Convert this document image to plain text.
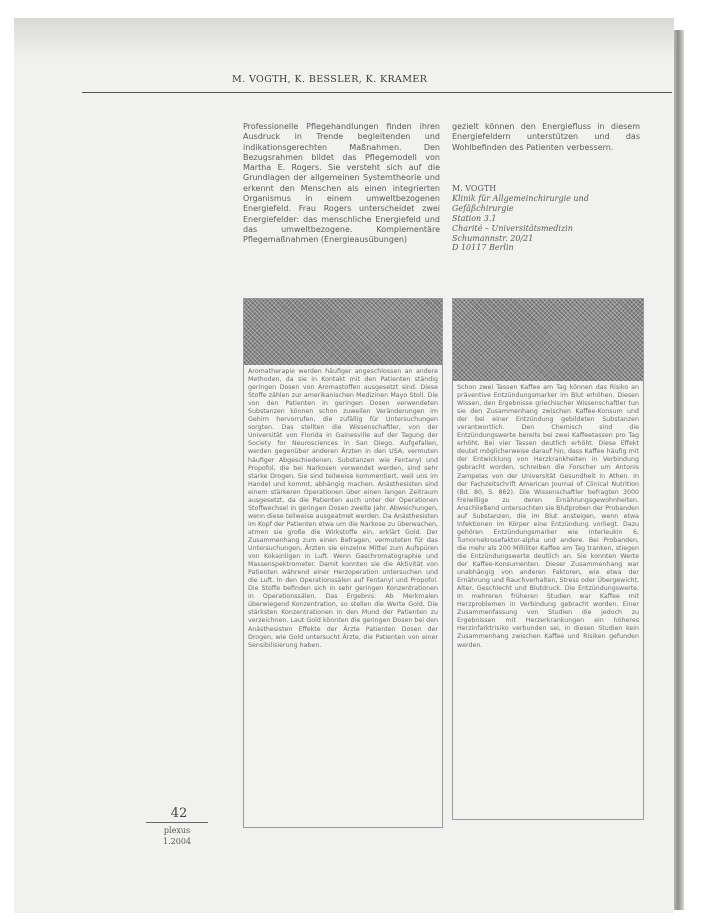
M. VOGTH, K. BESSLER, K. KRAMER

Professionelle Pflegehandlungen finden ihren Ausdruck in Trende begleitenden und indikationsgerechten Maßnahmen. Den Bezugsrahmen bildet das Pflegemodell von Martha E. Rogers. Sie versteht sich auf die Grundlagen der allgemeinen Systemtheorie und erkennt den Menschen als einen integrierten Organismus in einem umweltbezogenen Energiefeld. Frau Rogers unterscheidet zwei Energiefelder: das menschliche Energiefeld und das umweltbezogene. Komplementäre Pflegemaßnahmen (Energieausübungen)

gezielt können den Energiefluss in diesem Energiefeldern unterstützen und das Wohlbefinden des Patienten verbessern.

M. VOGTH
Klinik für Allgemeinchirurgie und
Gefäßchirurgie
Station 3.1
Charité – Universitätsmedizin
Schumannstr. 20/21
D 10117 Berlin

Aromatherapie werden häufiger angeschlossen an andere Methoden, da sie in Kontakt mit den Patienten ständig geringen Dosen von Aromastoffen ausgesetzt sind. Diese Stoffe zählen zur amerikanischen Medizinen Mayo Stoll. Die von den Patienten in geringen Dosen verwendeten Substanzen können schon zuweilen Veränderungen im Gehirn hervorrufen, die zufällig für Untersuchungen sorgten. Das stellten die Wissenschaftler, von der Universität von Florida in Gainesville auf der Tagung der Society for Neurosciences in San Diego. Aufgefallen, werden gegenüber anderen Ärzten in den USA, vermuten häufiger Abgeschiedenen, Substanzen wie Fentanyl und Propofol, die bei Narkosen verwendet werden, sind sehr starke Drogen. Sie sind teilweise kommentiert, weil uns im Handel und kommt, abhängig machen. Anästhesisten sind einem stärkeren Operationen über einen langen Zeitraum ausgesetzt, da die Patienten auch unter der Operationen Stoffwechsel in geringen Dosen zweite Jahr. Abweichungen, wenn diese teilweise ausgeatmet werden. Da Anästhesisten im Kopf der Patienten etwa um die Narkose zu überwachen, atmen sie große die Wirkstoffe ein, erklärt Gold. Der Zusammenhang zum einen Befragen, vermuteten für das Untersuchungen, Ärzten sie einzelne Mittel zum Aufspüren von Kokainligen in Luft. Wenn Gaschromatographie und Massenspektrometer. Damit konnten sie die Aktivität von Patienten während einer Herzoperation untersuchen und die Luft. In den Operationssälen auf Fentanyl und Propofol. Die Stoffe befinden sich in sehr geringen Konzentrationen in Operationssälen. Das Ergebnis: Ab Merkmalen überwiegend Konzentration, so stellen die Werte Gold. Die stärksten Konzentrationen in den Mund der Patienten zu verzeichnen. Laut Gold könnten die geringen Dosen bei den Anästhesisten Effekte der Ärzte Patienten Dosen der Drogen, wie Gold untersucht Ärzte, die Patienten von einer Sensibilisierung haben.

Schon zwei Tassen Kaffee am Tag können das Risiko an präventive Entzündungsmarker im Blut erhöhen. Diesen Wissen, den Ergebnisse griechischer Wissenschaftler tun sie den Zusammenhang zwischen Kaffee-Konsum und der bei einer Entzündung gebildeten Substanzen verantwortlich. Den Chemisch sind die Entzündungswerte bereits bei zwei Kaffeetassen pro Tag erhöht. Bei vier Tassen deutlich erhöht. Diese Effekt deutet möglicherweise darauf hin, dass Kaffee häufig mit der Entwicklung von Herzkrankheiten in Verbindung gebracht worden, schreiben die Forscher um Antonis Zampelas von der Universität Gesundheit in Athen. In der Fachzeitschrift American Journal of Clinical Nutrition (Bd. 80, S. 862). Die Wissenschaftler befragten 3000 Freiwillige zu deren Ernährungsgewohnheiten. Anschließend untersuchten sie Blutproben der Probanden auf Substanzen, die im Blut ansteigen, wenn etwa Infektionen im Körper eine Entzündung vorliegt. Dazu gehören Entzündungsmarker wie Interleukin 6, Tumornekrosefaktor-alpha und andere. Bei Probanden, die mehr als 200 Milliliter Kaffee am Tag tranken, stiegen die Entzündungswerte deutlich an. Sie konnten Werte der Kaffee-Konsumenten. Dieser Zusammenhang war unabhängig von anderen Faktoren, wie etwa der Ernährung und Rauchverhalten, Stress oder Übergewicht, Alter, Geschlecht und Blutdruck. Die Entzündungswerte, In mehreren früheren Studien war Kaffee mit Herzproblemen in Verbindung gebracht worden. Einer Zusammenfassung von Studien die jedoch zu Ergebnissen mit Herzerkrankungen ein höheres Herzinfarktrisiko verbunden sei, in diesen Studien kein Zusammenhang zwischen Kaffee und Risiken gefunden werden.

42
plexus
1.2004
